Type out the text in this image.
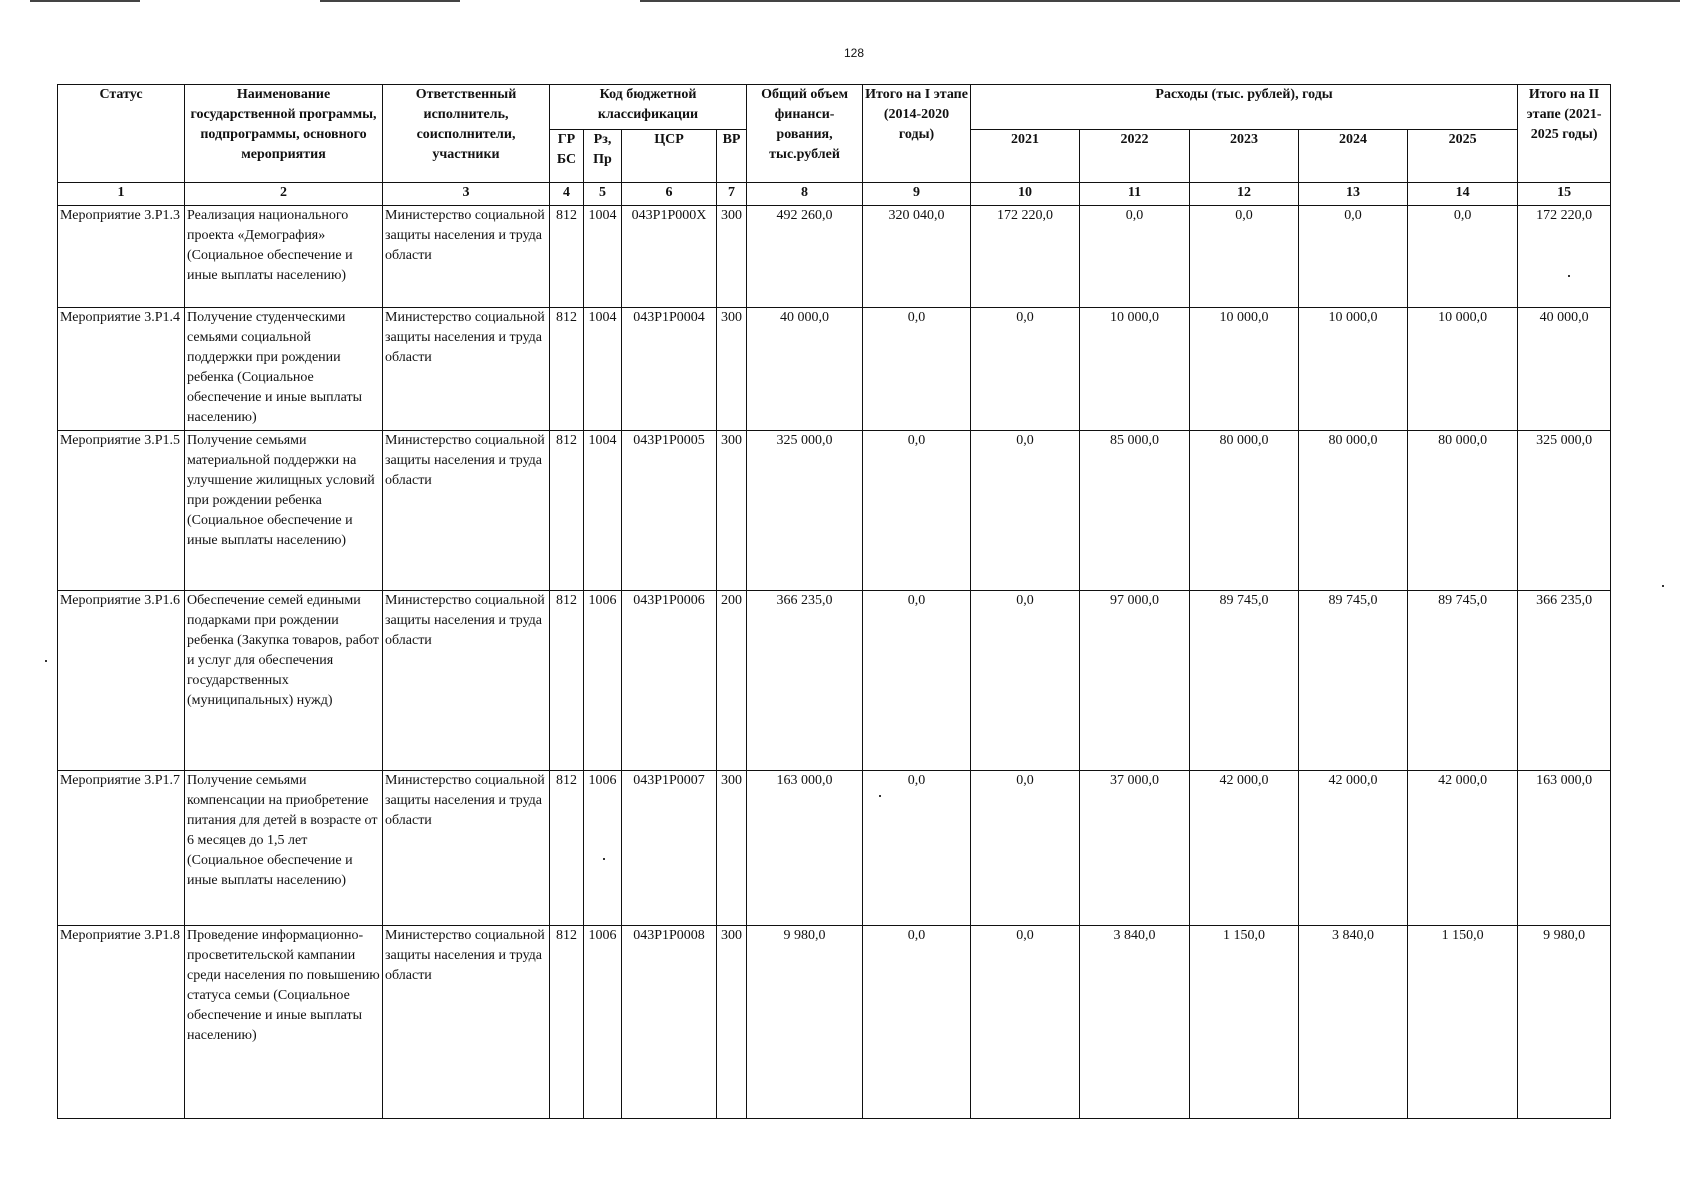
128
Статус	Наименование государственной программы, подпрограммы, основного мероприятия	Ответственный исполнитель, соисполнители, участники	Код бюджетной классификации				Общий объем финанси-рования, тыс.рублей	Итого на I этапе (2014-2020 годы)	Расходы (тыс. рублей), годы					Итого на II этапе (2021-2025 годы)
			ГР БС	Рз, Пр	ЦСР	ВР			2021	2022	2023	2024	2025	
1	2	3	4	5	6	7	8	9	10	11	12	13	14	15
Мероприятие 3.Р1.3	Реализация национального проекта «Демография» (Социальное обеспечение и иные выплаты населению)	Министерство социальной защиты населения и труда области	812	1004	043P1P000X	300	492 260,0	320 040,0	172 220,0	0,0	0,0	0,0	0,0	172 220,0
Мероприятие 3.Р1.4	Получение студенческими семьями социальной поддержки при рождении ребенка (Социальное обеспечение и иные выплаты населению)	Министерство социальной защиты населения и труда области	812	1004	043P1P0004	300	40 000,0	0,0	0,0	10 000,0	10 000,0	10 000,0	10 000,0	40 000,0
Мероприятие 3.Р1.5	Получение семьями материальной поддержки на улучшение жилищных условий при рождении ребенка (Социальное обеспечение и иные выплаты населению)	Министерство социальной защиты населения и труда области	812	1004	043P1P0005	300	325 000,0	0,0	0,0	85 000,0	80 000,0	80 000,0	80 000,0	325 000,0
Мероприятие 3.Р1.6	Обеспечение семей едиными подарками при рождении ребенка (Закупка товаров, работ и услуг для обеспечения государственных (муниципальных) нужд)	Министерство социальной защиты населения и труда области	812	1006	043P1P0006	200	366 235,0	0,0	0,0	97 000,0	89 745,0	89 745,0	89 745,0	366 235,0
Мероприятие 3.Р1.7	Получение семьями компенсации на приобретение питания для детей в возрасте от 6 месяцев до 1,5 лет (Социальное обеспечение и иные выплаты населению)	Министерство социальной защиты населения и труда области	812	1006	043P1P0007	300	163 000,0	0,0	0,0	37 000,0	42 000,0	42 000,0	42 000,0	163 000,0
Мероприятие 3.Р1.8	Проведение информационно-просветительской кампании среди населения по повышению статуса семьи (Социальное обеспечение и иные выплаты населению)	Министерство социальной защиты населения и труда области	812	1006	043P1P0008	300	9 980,0	0,0	0,0	3 840,0	1 150,0	3 840,0	1 150,0	9 980,0
